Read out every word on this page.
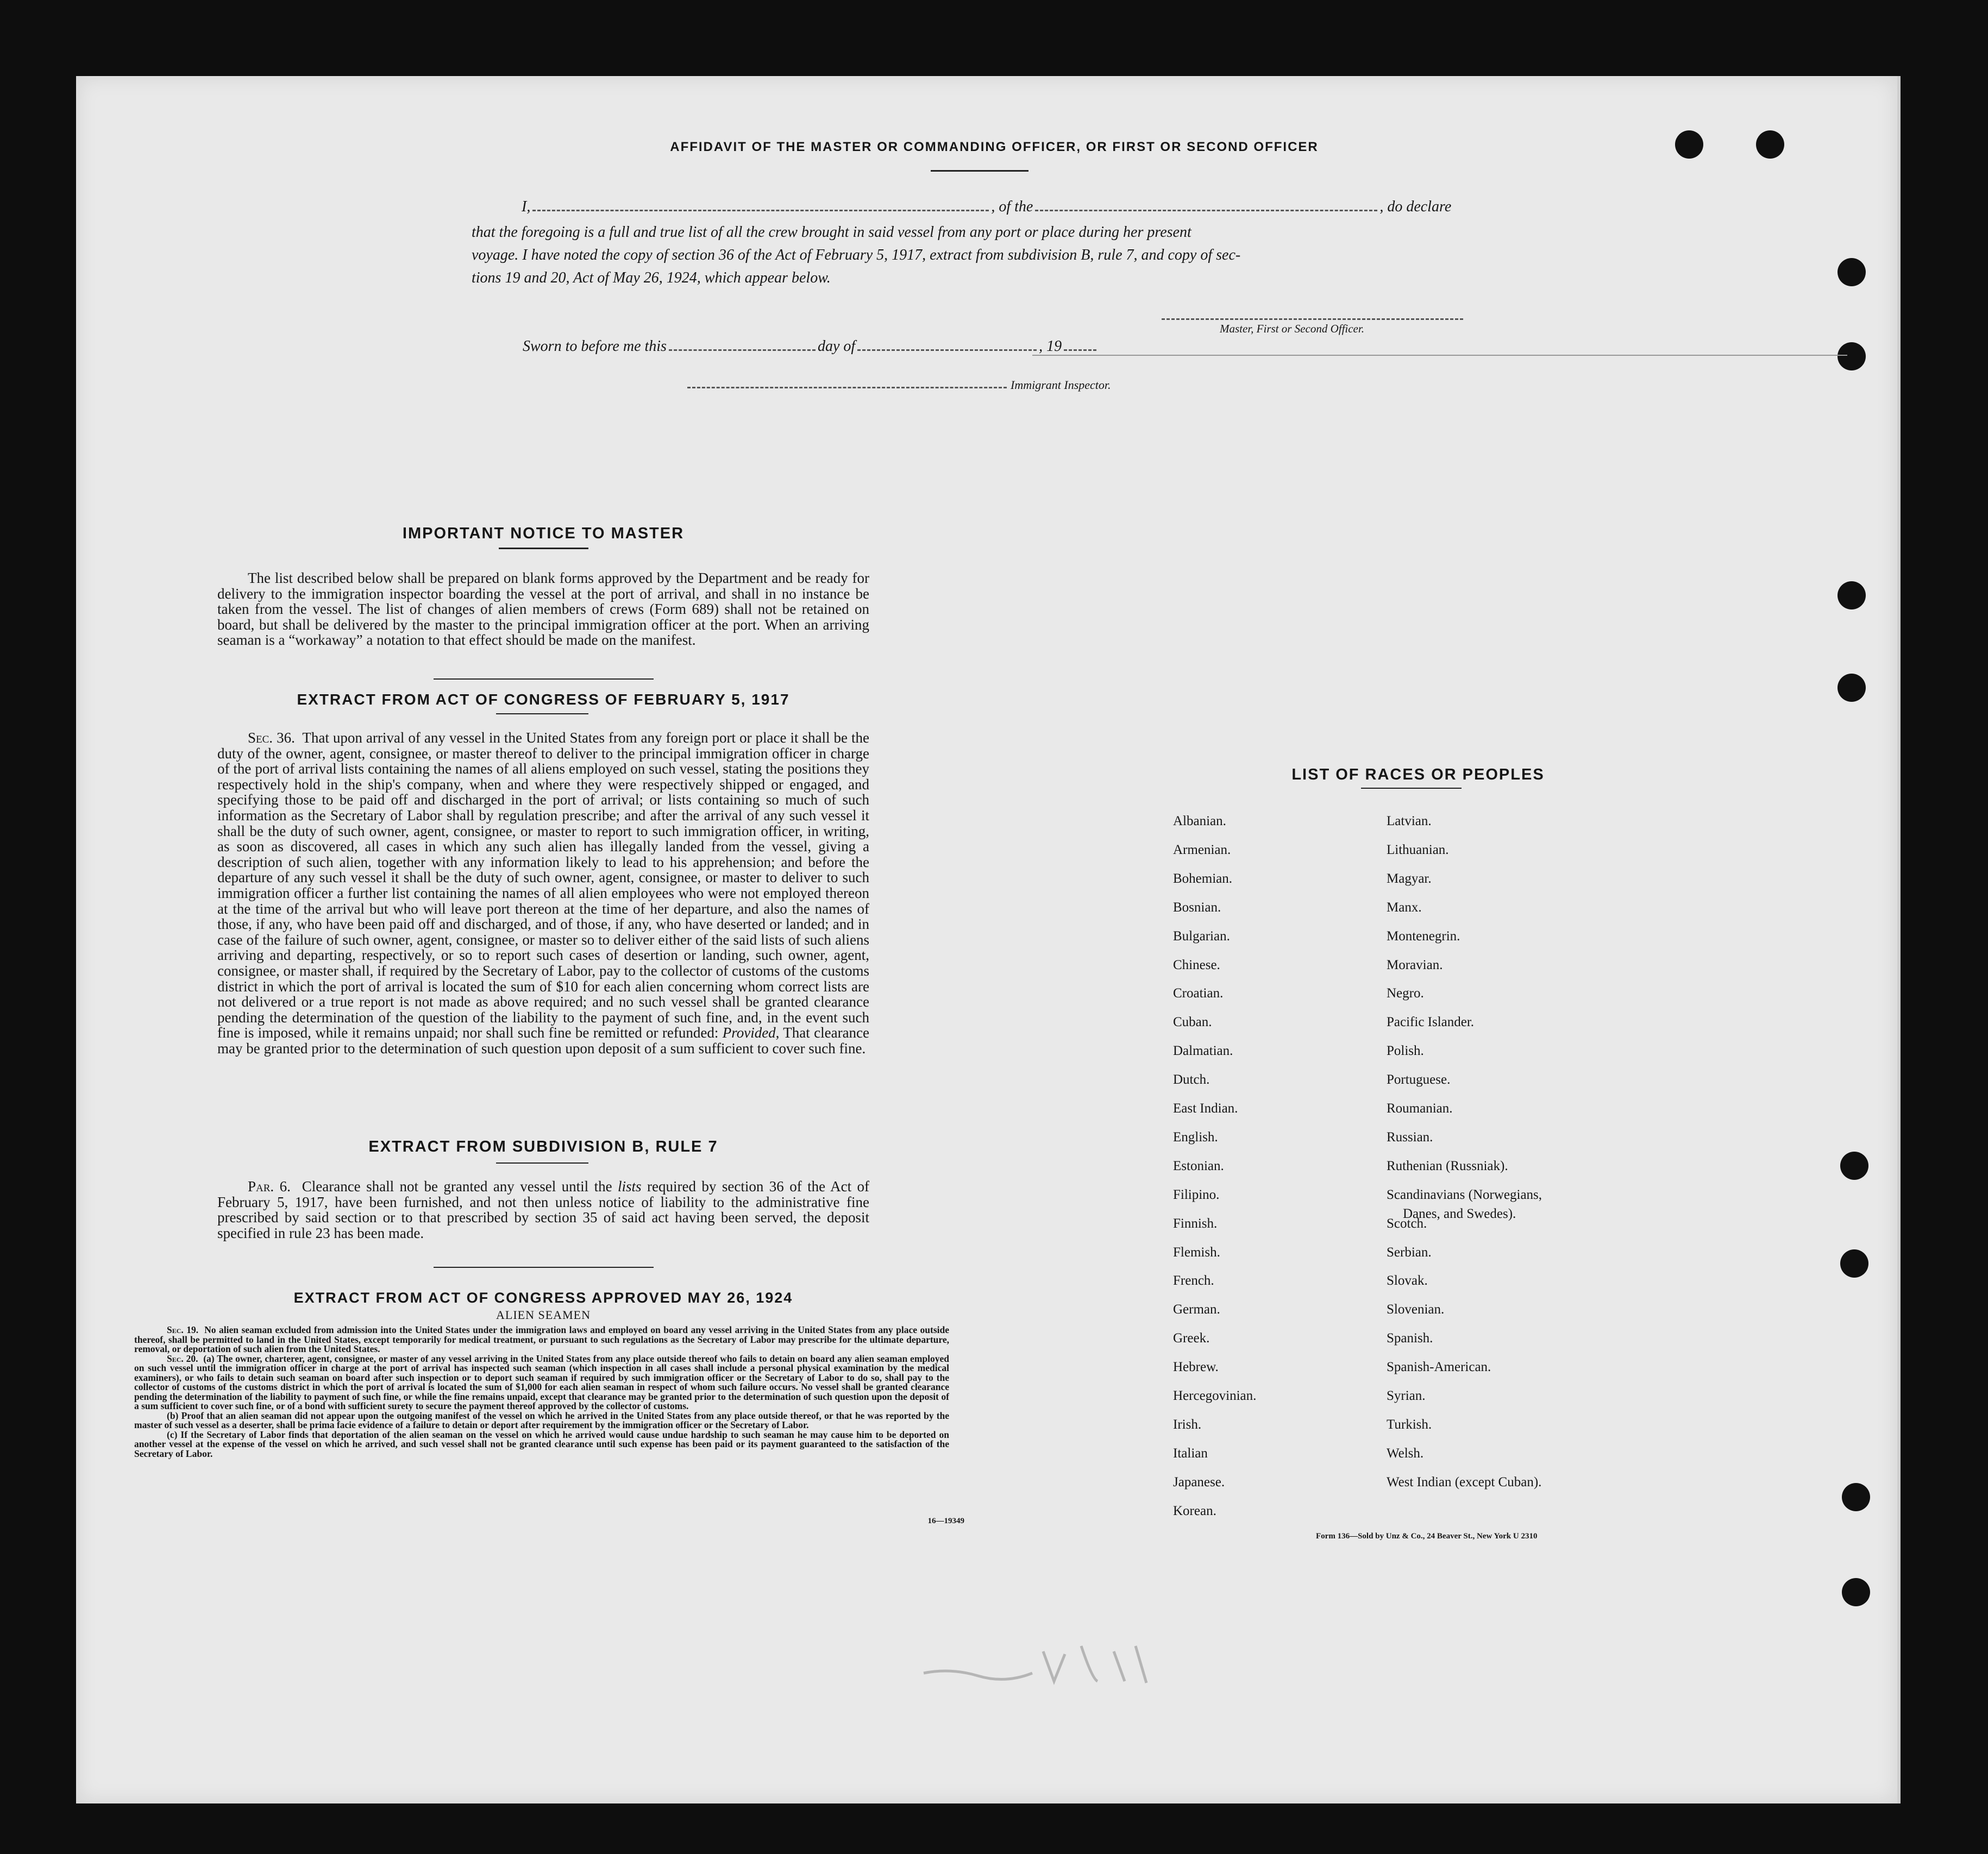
AFFIDAVIT OF THE MASTER OR COMMANDING OFFICER, OR FIRST OR SECOND OFFICER
I,	, of the	, do declare
that the foregoing is a full and true list of all the crew brought in said vessel from any port or place during her present
voyage. I have noted the copy of section 36 of the Act of February 5, 1917, extract from subdivision B, rule 7, and copy of sec-
tions 19 and 20, Act of May 26, 1924, which appear below.
Master, First or Second Officer.
Sworn to before me this	day of	, 19
Immigrant Inspector.
IMPORTANT NOTICE TO MASTER
The list described below shall be prepared on blank forms approved by the Department and be ready for delivery to the immigration inspector boarding the vessel at the port of arrival, and shall in no instance be taken from the vessel. The list of changes of alien members of crews (Form 689) shall not be retained on board, but shall be delivered by the master to the principal immigration officer at the port. When an arriving seaman is a “workaway” a notation to that effect should be made on the manifest.
EXTRACT FROM ACT OF CONGRESS OF FEBRUARY 5, 1917
Sec. 36. That upon arrival of any vessel in the United States from any foreign port or place it shall be the duty of the owner, agent, consignee, or master thereof to deliver to the principal immigration officer in charge of the port of arrival lists containing the names of all aliens employed on such vessel, stating the positions they respectively hold in the ship's company, when and where they were respectively shipped or engaged, and specifying those to be paid off and discharged in the port of arrival; or lists containing so much of such information as the Secretary of Labor shall by regulation prescribe; and after the arrival of any such vessel it shall be the duty of such owner, agent, consignee, or master to report to such immigration officer, in writing, as soon as discovered, all cases in which any such alien has illegally landed from the vessel, giving a description of such alien, together with any information likely to lead to his apprehension; and before the departure of any such vessel it shall be the duty of such owner, agent, consignee, or master to deliver to such immigration officer a further list containing the names of all alien employees who were not employed thereon at the time of the arrival but who will leave port thereon at the time of her departure, and also the names of those, if any, who have been paid off and discharged, and of those, if any, who have deserted or landed; and in case of the failure of such owner, agent, consignee, or master so to deliver either of the said lists of such aliens arriving and departing, respectively, or so to report such cases of desertion or landing, such owner, agent, consignee, or master shall, if required by the Secretary of Labor, pay to the collector of customs of the customs district in which the port of arrival is located the sum of $10 for each alien concerning whom correct lists are not delivered or a true report is not made as above required; and no such vessel shall be granted clearance pending the determination of the question of the liability to the payment of such fine, and, in the event such fine is imposed, while it remains unpaid; nor shall such fine be remitted or refunded: Provided, That clearance may be granted prior to the determination of such question upon deposit of a sum sufficient to cover such fine.
EXTRACT FROM SUBDIVISION B, RULE 7
Par. 6. Clearance shall not be granted any vessel until the lists required by section 36 of the Act of February 5, 1917, have been furnished, and not then unless notice of liability to the administrative fine prescribed by said section or to that prescribed by section 35 of said act having been served, the deposit specified in rule 23 has been made.
EXTRACT FROM ACT OF CONGRESS APPROVED MAY 26, 1924
ALIEN SEAMEN
Sec. 19. No alien seaman excluded from admission into the United States under the immigration laws and employed on board any vessel arriving in the United States from any place outside thereof, shall be permitted to land in the United States, except temporarily for medical treatment, or pursuant to such regulations as the Secretary of Labor may prescribe for the ultimate departure, removal, or deportation of such alien from the United States.
Sec. 20. (a) The owner, charterer, agent, consignee, or master of any vessel arriving in the United States from any place outside thereof who fails to detain on board any alien seaman employed on such vessel until the immigration officer in charge at the port of arrival has inspected such seaman (which inspection in all cases shall include a personal physical examination by the medical examiners), or who fails to detain such seaman on board after such inspection or to deport such seaman if required by such immigration officer or the Secretary of Labor to do so, shall pay to the collector of customs of the customs district in which the port of arrival is located the sum of $1,000 for each alien seaman in respect of whom such failure occurs. No vessel shall be granted clearance pending the determination of the liability to payment of such fine, or while the fine remains unpaid, except that clearance may be granted prior to the determination of such question upon the deposit of a sum sufficient to cover such fine, or of a bond with sufficient surety to secure the payment thereof approved by the collector of customs.
(b) Proof that an alien seaman did not appear upon the outgoing manifest of the vessel on which he arrived in the United States from any place outside thereof, or that he was reported by the master of such vessel as a deserter, shall be prima facie evidence of a failure to detain or deport after requirement by the immigration officer or the Secretary of Labor.
(c) If the Secretary of Labor finds that deportation of the alien seaman on the vessel on which he arrived would cause undue hardship to such seaman he may cause him to be deported on another vessel at the expense of the vessel on which he arrived, and such vessel shall not be granted clearance until such expense has been paid or its payment guaranteed to the satisfaction of the Secretary of Labor.
16—19349
LIST OF RACES OR PEOPLES
Albanian.
Armenian.
Bohemian.
Bosnian.
Bulgarian.
Chinese.
Croatian.
Cuban.
Dalmatian.
Dutch.
East Indian.
English.
Estonian.
Filipino.
Finnish.
Flemish.
French.
German.
Greek.
Hebrew.
Hercegovinian.
Irish.
Italian
Japanese.
Korean.
Latvian.
Lithuanian.
Magyar.
Manx.
Montenegrin.
Moravian.
Negro.
Pacific Islander.
Polish.
Portuguese.
Roumanian.
Russian.
Ruthenian (Russniak).
Scandinavians (Norwegians,
Danes, and Swedes).
Scotch.
Serbian.
Slovak.
Slovenian.
Spanish.
Spanish-American.
Syrian.
Turkish.
Welsh.
West Indian (except Cuban).
Form 136—Sold by Unz & Co., 24 Beaver St., New York U 2310
